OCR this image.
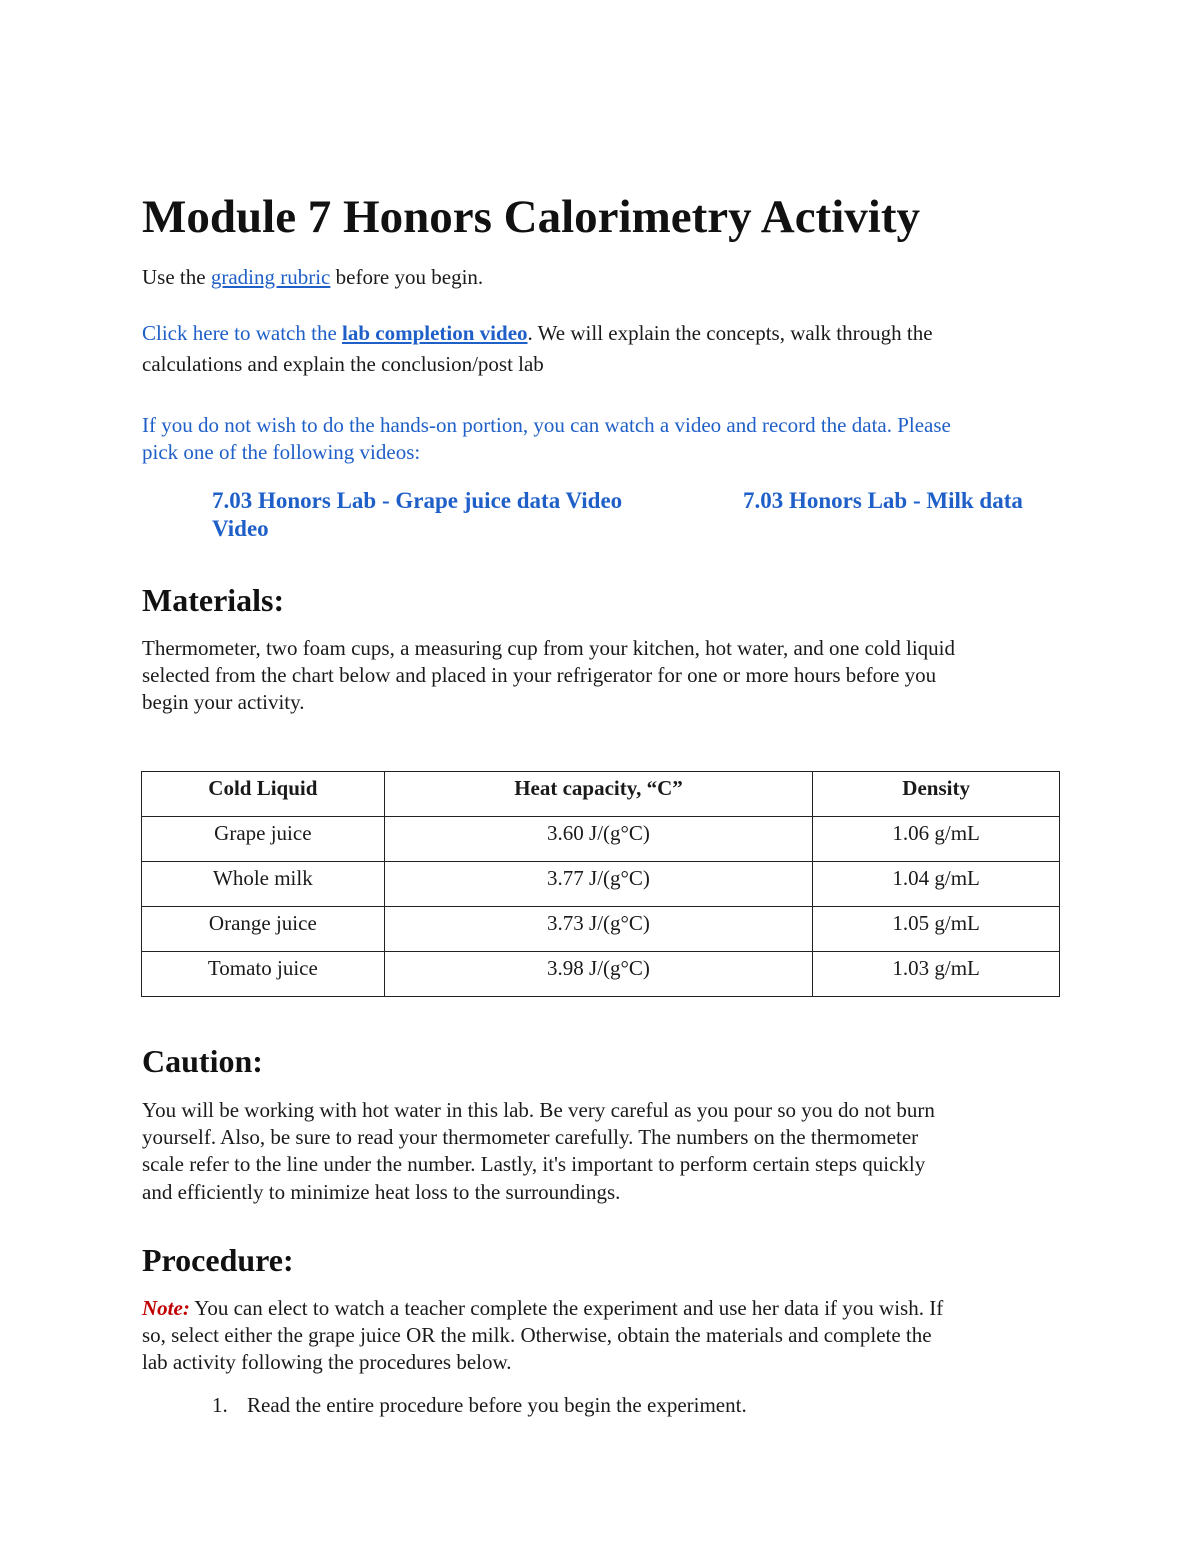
Module 7 Honors Calorimetry Activity

Use the grading rubric before you begin.

Click here to watch the lab completion video. We will explain the concepts, walk through the

calculations and explain the conclusion/post lab

If you do not wish to do the hands-on portion, you can watch a video and record the data. Please

pick one of the following videos:

7.03 Honors Lab - Grape juice data Video	7.03 Honors Lab - Milk data

Video

Materials:

Thermometer, two foam cups, a measuring cup from your kitchen, hot water, and one cold liquid

selected from the chart below and placed in your refrigerator for one or more hours before you

begin your activity.

Cold Liquid	Heat capacity, “C”	Density
Grape juice	3.60 J/(g°C)	1.06 g/mL
Whole milk	3.77 J/(g°C)	1.04 g/mL
Orange juice	3.73 J/(g°C)	1.05 g/mL
Tomato juice	3.98 J/(g°C)	1.03 g/mL
Caution:

You will be working with hot water in this lab. Be very careful as you pour so you do not burn

yourself. Also, be sure to read your thermometer carefully. The numbers on the thermometer

scale refer to the line under the number. Lastly, it's important to perform certain steps quickly

and efficiently to minimize heat loss to the surroundings.

Procedure:

Note: You can elect to watch a teacher complete the experiment and use her data if you wish. If

so, select either the grape juice OR the milk. Otherwise, obtain the materials and complete the

lab activity following the procedures below.

1. Read the entire procedure before you begin the experiment.
